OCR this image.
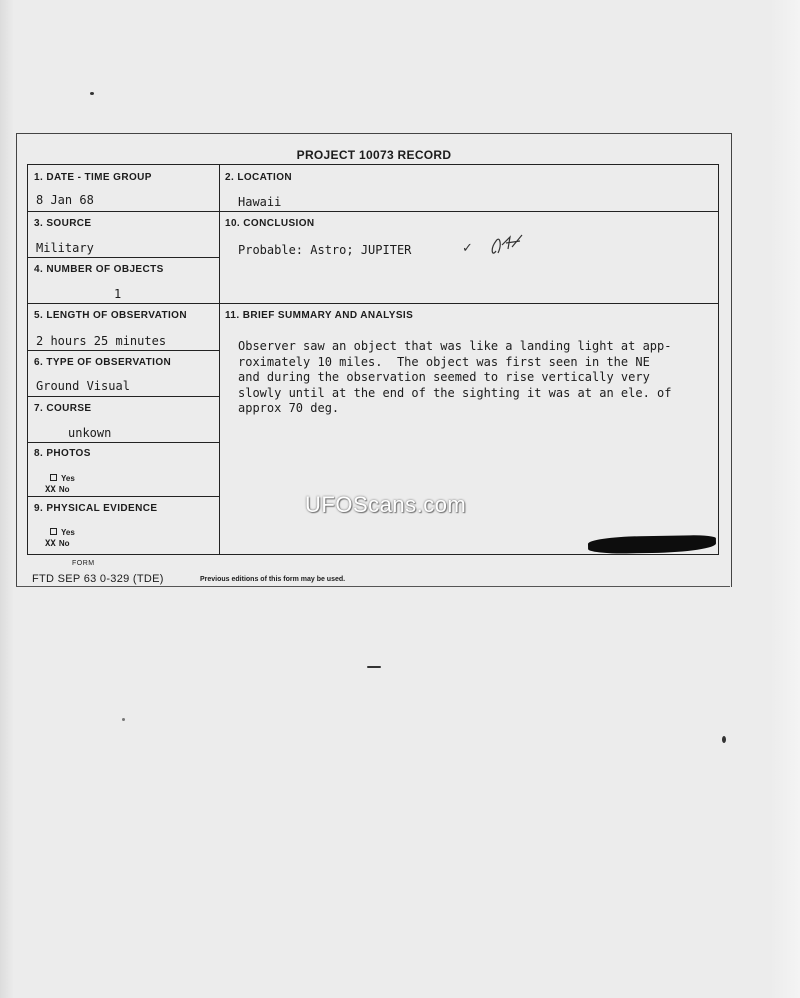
PROJECT 10073 RECORD
1. DATE - TIME GROUP
8 Jan 68
2. LOCATION
Hawaii
3. SOURCE
Military
10. CONCLUSION
Probable: Astro; JUPITER
4. NUMBER OF OBJECTS
1
5. LENGTH OF OBSERVATION
2 hours 25 minutes
11. BRIEF SUMMARY AND ANALYSIS
6. TYPE OF OBSERVATION
Ground Visual
7. COURSE
unkown
8. PHOTOS
Yes
XX No
9. PHYSICAL EVIDENCE
Yes
XX No
Observer saw an object that was like a landing light at app-
roximately 10 miles.  The object was first seen in the NE
and during the observation seemed to rise vertically very
slowly until at the end of the sighting it was at an ele. of
approx 70 deg.
✓
FORM
FTD SEP 63 0-329 (TDE)	Previous editions of this form may be used.
UFOScans.com
